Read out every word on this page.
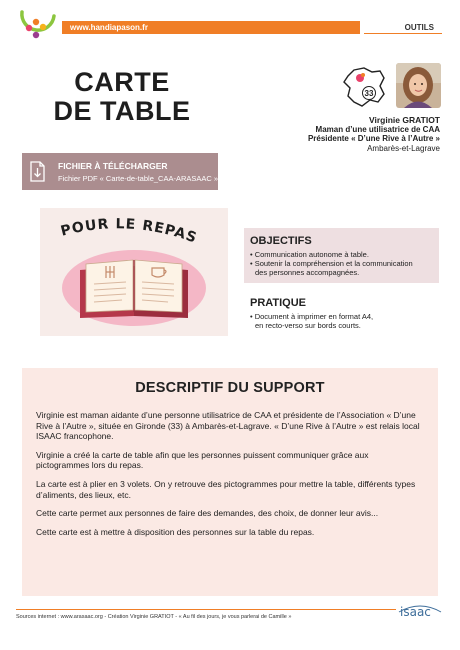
www.handiapason.fr	OUTILS
CARTE
DE TABLE
33
Virginie GRATIOT
Maman d’une utilisatrice de CAA
Présidente « D’une Rive à l’Autre »
Ambarès-et-Lagrave
FICHIER À TÉLÉCHARGER
Fichier PDF « Carte-de-table_CAA-ARASAAC ».
POUR LE REPAS	OBJECTIFS
• Communication autonome à table.
• Soutenir la compréhension et la communication
des personnes accompagnées.
PRATIQUE
• Document à imprimer en format A4,
en recto-verso sur bords courts.
DESCRIPTIF DU SUPPORT

Virginie est maman aidante d’une personne utilisatrice de CAA et présidente de l’Association « D’une Rive à l’Autre », située en Gironde (33) à Ambarès-et-Lagrave. « D’une Rive à l’Autre » est relais local ISAAC francophone.

Virginie a créé la carte de table afin que les personnes puissent communiquer grâce aux pictogrammes lors du repas.

La carte est à plier en 3 volets. On y retrouve des pictogrammes pour mettre la table, différents types d’aliments, des lieux, etc.

Cette carte permet aux personnes de faire des demandes, des choix, de donner leur avis...

Cette carte est à mettre à disposition des personnes sur la table du repas.

Sources internet : www.arasaac.org - Création Virginie GRATIOT - « Au fil des jours, je vous parlerai de Camille »	isaac
